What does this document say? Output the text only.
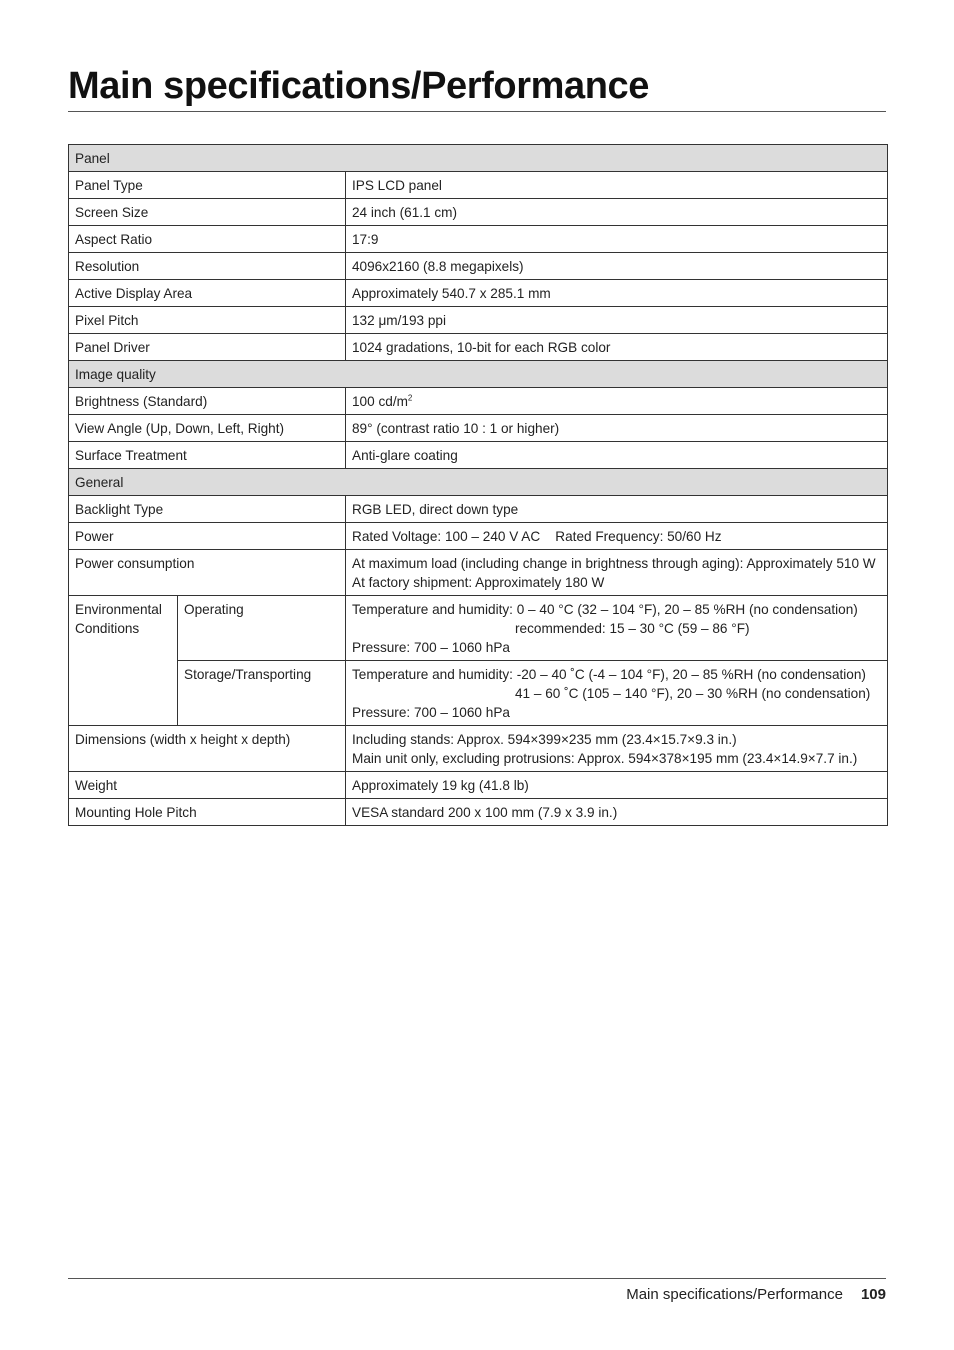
Main specifications/Performance
Panel		
Panel Type		IPS LCD panel
Screen Size		24 inch (61.1 cm)
Aspect Ratio		17:9
Resolution		4096x2160 (8.8 megapixels)
Active Display Area		Approximately 540.7 x 285.1 mm
Pixel Pitch		132 μm/193 ppi
Panel Driver		1024 gradations, 10-bit for each RGB color
Image quality		
Brightness (Standard)		100 $cd/m^2$
View Angle (Up, Down, Left, Right)		89° (contrast ratio 10 : 1 or higher)
Surface Treatment		Anti-glare coating
General		
Backlight Type		RGB LED, direct down type
Power		Rated Voltage: 100 – 240 V AC    Rated Frequency: 50/60 Hz

Power consumption		At maximum load (including change in brightness through aging): Approximately 510 W
At factory shipment: Approximately 180 W

Environmental Conditions	Operating	Temperature and humidity: 0 – 40 °C (32 – 104 °F), 20 – 85 %RH (no condensation)
recommended: 15 – 30 °C (59 – 86 °F)
Pressure: 700 – 1060 hPa

	Storage/Transporting	Temperature and humidity: -20 – 40 ˚C (-4 – 104 °F), 20 – 85 %RH (no condensation)
41 – 60 ˚C (105 – 140 °F), 20 – 30 %RH (no condensation)
Pressure: 700 – 1060 hPa

Dimensions (width x height x depth)		Including stands: Approx. 594×399×235 mm (23.4×15.7×9.3 in.)
Main unit only, excluding protrusions: Approx. 594×378×195 mm (23.4×14.9×7.7 in.)

Weight		Approximately 19 kg (41.8 lb)
Mounting Hole Pitch		VESA standard 200 x 100 mm (7.9 x 3.9 in.)
Main specifications/Performance 109
